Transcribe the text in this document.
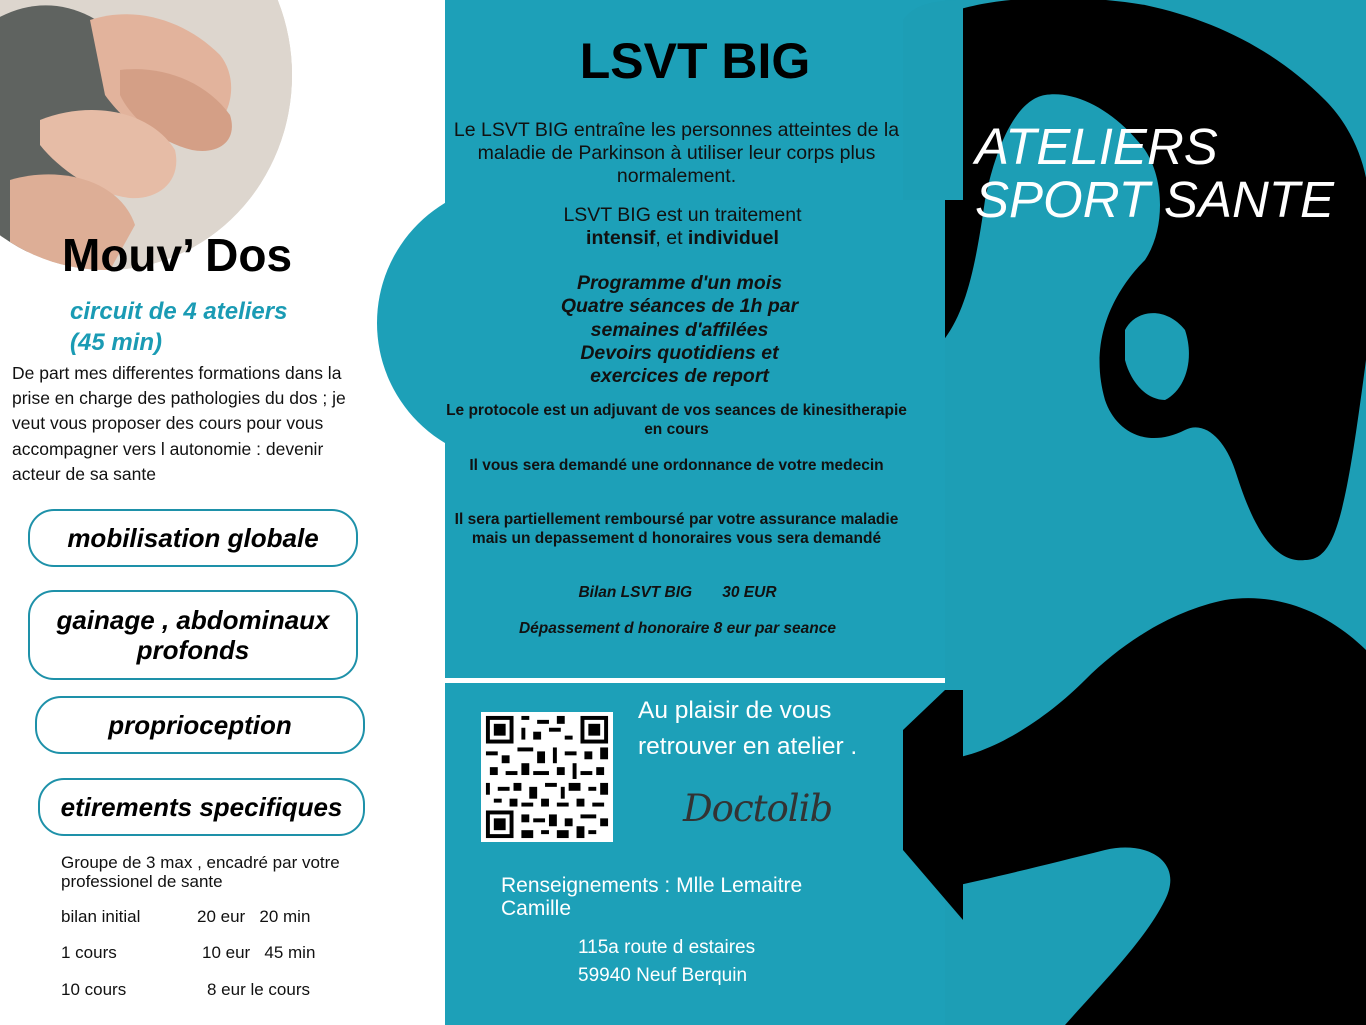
Mouv’ Dos
circuit de 4 ateliers
(45 min)
De part mes differentes formations dans la prise en charge des pathologies du dos ; je veut vous proposer des cours pour vous accompagner vers l autonomie : devenir acteur de sa sante
mobilisation globale
gainage , abdominaux profonds
proprioception
etirements specifiques
Groupe de 3 max , encadré par votre professionel de sante
bilan initial	20 eur   20 min
1 cours	10 eur   45 min
10 cours	8 eur le cours
LSVT BIG
Le LSVT BIG entraîne les personnes atteintes de la maladie de Parkinson à utiliser leur corps plus normalement.
LSVT BIG est un traitement
intensif, et individuel
Programme d'un mois
Quatre séances de 1h par
semaines d'affilées
Devoirs quotidiens et
exercices de report
Le protocole est un adjuvant de vos seances de kinesitherapie en cours
Il vous sera demandé une ordonnance de votre medecin
Il sera partiellement remboursé par votre assurance maladie mais un depassement d honoraires vous sera demandé
Bilan LSVT BIG       30 EUR
Dépassement d honoraire 8 eur par seance
Au plaisir de vous
retrouver en atelier .
Doctolib
Renseignements : Mlle Lemaitre Camille
115a route d estaires
59940 Neuf Berquin
ATELIERS
SPORT SANTE
